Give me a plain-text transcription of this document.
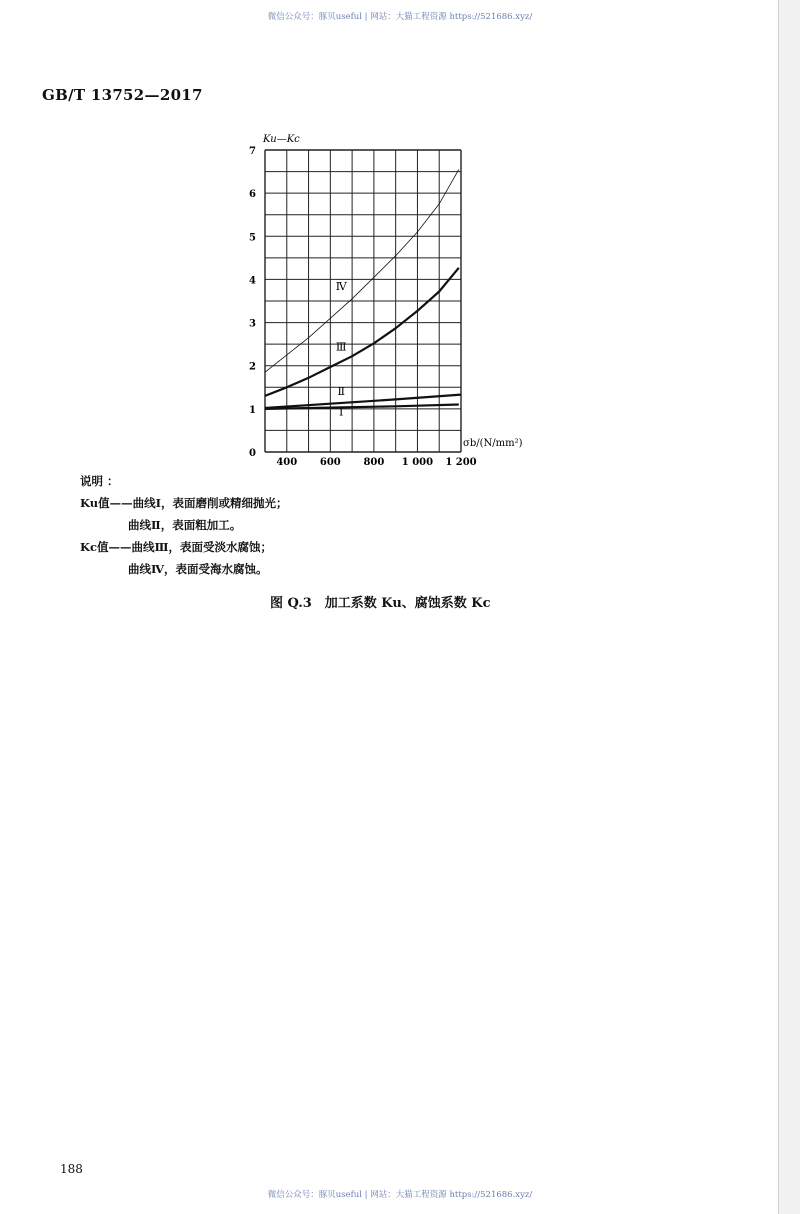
微信公众号：豚贝useful | 网站：大猫工程资源 https://521686.xyz/
GB/T 13752—2017
Ku—Kc
σb/(N/mm²)
0
1
2
3
4
5
6
7
400 600 800 1 000 1 200
Ⅰ
Ⅱ
Ⅲ
Ⅳ
说明 ：
Ku值——曲线Ⅰ，表面磨削或精细抛光；
曲线Ⅱ，表面粗加工。
Kc值——曲线Ⅲ，表面受淡水腐蚀；
曲线Ⅳ，表面受海水腐蚀。
图 Q.3　加工系数 Ku、腐蚀系数 Kc
188
微信公众号：豚贝useful | 网站：大猫工程资源 https://521686.xyz/
